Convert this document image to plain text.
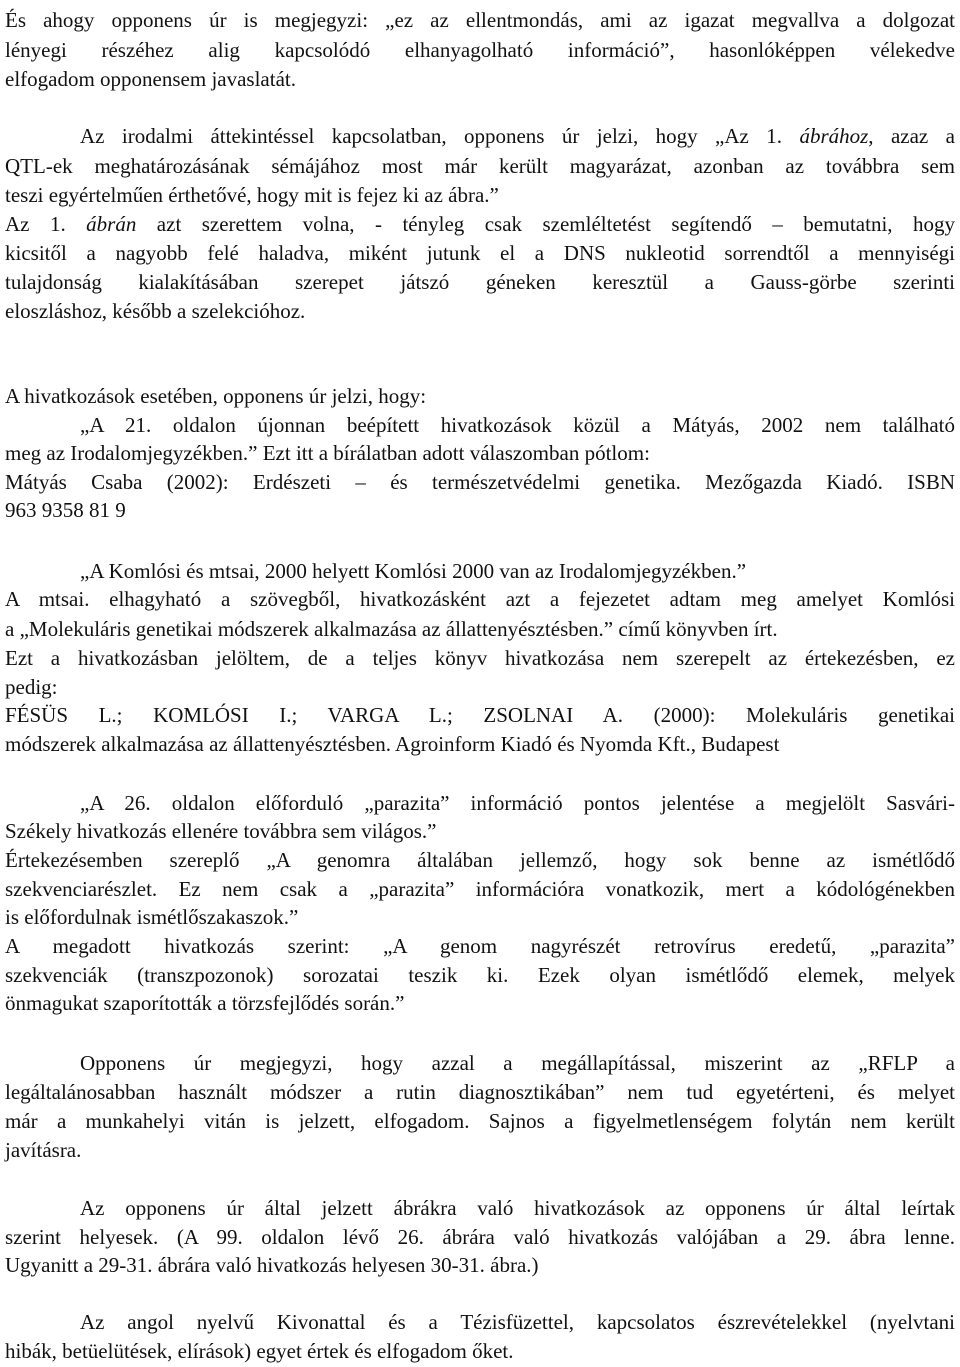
És ahogy opponens úr is megjegyzi: „ez az ellentmondás, ami az igazat megvallva a dolgozat
lényegi részéhez alig kapcsolódó elhanyagolható információ”, hasonlóképpen vélekedve
elfogadom opponensem javaslatát.
Az irodalmi áttekintéssel kapcsolatban, opponens úr jelzi, hogy „Az 1. ábrához, azaz a
QTL-ek meghatározásának sémájához most már került magyarázat, azonban az továbbra sem
teszi egyértelműen érthetővé, hogy mit is fejez ki az ábra.”
Az 1. ábrán azt szerettem volna, - tényleg csak szemléltetést segítendő – bemutatni, hogy
kicsitől a nagyobb felé haladva, miként jutunk el a DNS nukleotid sorrendtől a mennyiségi
tulajdonság kialakításában szerepet játszó géneken keresztül a Gauss-görbe szerinti
eloszláshoz, később a szelekcióhoz.
A hivatkozások esetében, opponens úr jelzi, hogy:
„A 21. oldalon újonnan beépített hivatkozások közül a Mátyás, 2002 nem található
meg az Irodalomjegyzékben.” Ezt itt a bírálatban adott válaszomban pótlom:
Mátyás Csaba (2002): Erdészeti – és természetvédelmi genetika. Mezőgazda Kiadó. ISBN
963 9358 81 9
„A Komlósi és mtsai, 2000 helyett Komlósi 2000 van az Irodalomjegyzékben.”
A mtsai. elhagyható a szövegből, hivatkozásként azt a fejezetet adtam meg amelyet Komlósi
a „Molekuláris genetikai módszerek alkalmazása az állattenyésztésben.” című könyvben írt.
Ezt a hivatkozásban jelöltem, de a teljes könyv hivatkozása nem szerepelt az értekezésben, ez
pedig:
FÉSÜS L.; KOMLÓSI I.; VARGA L.; ZSOLNAI A. (2000): Molekuláris genetikai
módszerek alkalmazása az állattenyésztésben. Agroinform Kiadó és Nyomda Kft., Budapest
„A 26. oldalon előforduló „parazita” információ pontos jelentése a megjelölt Sasvári-
Székely hivatkozás ellenére továbbra sem világos.”
Értekezésemben szereplő „A genomra általában jellemző, hogy sok benne az ismétlődő
szekvenciarészlet. Ez nem csak a „parazita” információra vonatkozik, mert a kódológénekben
is előfordulnak ismétlőszakaszok.”
A megadott hivatkozás szerint: „A genom nagyrészét retrovírus eredetű, „parazita”
szekvenciák (transzpozonok) sorozatai teszik ki. Ezek olyan ismétlődő elemek, melyek
önmagukat szaporították a törzsfejlődés során.”
Opponens úr megjegyzi, hogy azzal a megállapítással, miszerint az „RFLP a
legáltalánosabban használt módszer a rutin diagnosztikában” nem tud egyetérteni, és melyet
már a munkahelyi vitán is jelzett, elfogadom. Sajnos a figyelmetlenségem folytán nem került
javításra.
Az opponens úr által jelzett ábrákra való hivatkozások az opponens úr által leírtak
szerint helyesek. (A 99. oldalon lévő 26. ábrára való hivatkozás valójában a 29. ábra lenne.
Ugyanitt a 29-31. ábrára való hivatkozás helyesen 30-31. ábra.)
Az angol nyelvű Kivonattal és a Tézisfüzettel, kapcsolatos észrevételekkel (nyelvtani
hibák, betüelütések, elírások) egyet értek és elfogadom őket.
